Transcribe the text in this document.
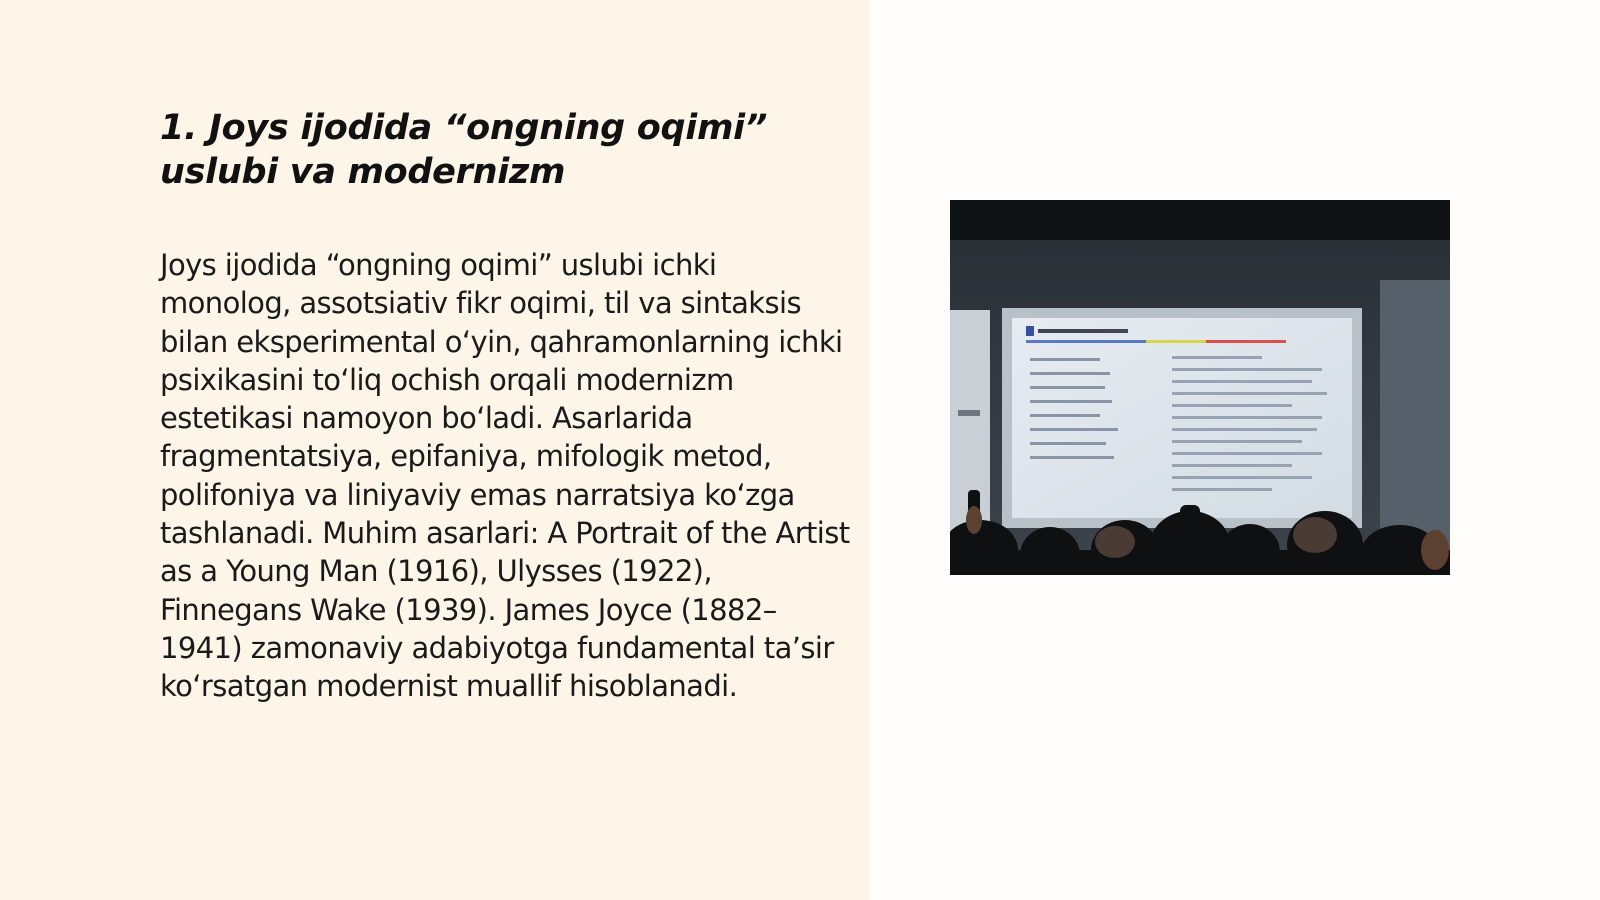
1. Joys ijodida “ongning oqimi” uslubi va modernizm

Joys ijodida “ongning oqimi” uslubi ichki monolog, assotsiativ fikr oqimi, til va sintaksis bilan eksperimental o‘yin, qahramonlarning ichki psixikasini to‘liq ochish orqali modernizm estetikasi namoyon bo‘ladi. Asarlarida fragmentatsiya, epifaniya, mifologik metod, polifoniya va liniyaviy emas narratsiya ko‘zga tashlanadi. Muhim asarlari: A Portrait of the Artist as a Young Man (1916), Ulysses (1922), Finnegans Wake (1939). James Joyce (1882–1941) zamonaviy adabiyotga fundamental ta’sir ko‘rsatgan modernist muallif hisoblanadi.
